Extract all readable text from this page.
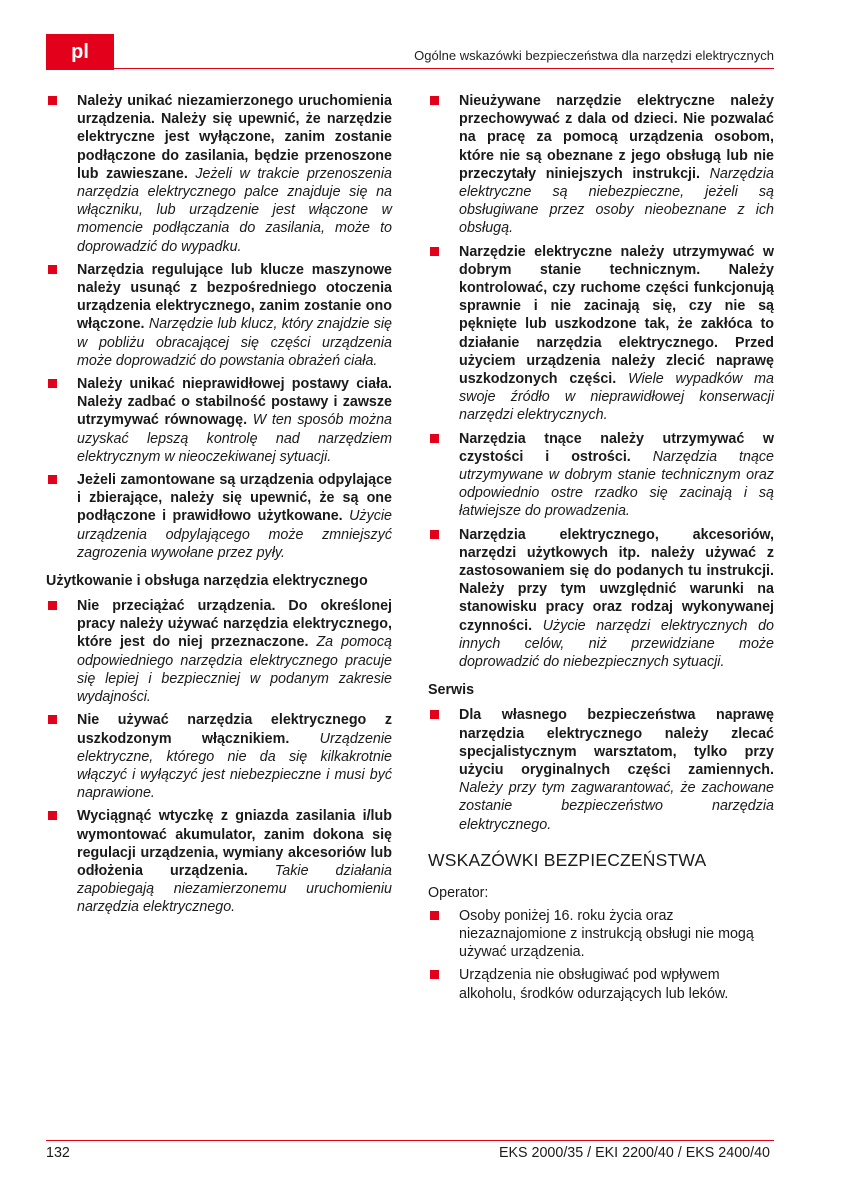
pl	Ogólne wskazówki bezpieczeństwa dla narzędzi elektrycznych

Należy unikać niezamierzonego uruchomienia urządzenia. Należy się upewnić, że narzędzie elektryczne jest wyłączone, zanim zostanie podłączone do zasilania, będzie przenoszone lub zawieszane. Jeżeli w trakcie przenoszenia narzędzia elektrycznego palce znajduje się na włączniku, lub urządzenie jest włączone w momencie podłączania do zasilania, może to doprowadzić do wypadku.

Narzędzia regulujące lub klucze maszynowe należy usunąć z bezpośredniego otoczenia urządzenia elektrycznego, zanim zostanie ono włączone. Narzędzie lub klucz, który znajdzie się w pobliżu obracającej się części urządzenia może doprowadzić do powstania obrażeń ciała.

Należy unikać nieprawidłowej postawy ciała. Należy zadbać o stabilność postawy i zawsze utrzymywać równowagę. W ten sposób można uzyskać lepszą kontrolę nad narzędziem elektrycznym w nieoczekiwanej sytuacji.

Jeżeli zamontowane są urządzenia odpylające i zbierające, należy się upewnić, że są one podłączone i prawidłowo użytkowane. Użycie urządzenia odpylającego może zmniejszyć zagrozenia wywołane przez pyły.

Użytkowanie i obsługa narzędzia elektrycznego

Nie przeciążać urządzenia. Do określonej pracy należy używać narzędzia elektrycznego, które jest do niej przeznaczone. Za pomocą odpowiedniego narzędzia elektrycznego pracuje się lepiej i bezpieczniej w podanym zakresie wydajności.

Nie używać narzędzia elektrycznego z uszkodzonym włącznikiem. Urządzenie elektryczne, którego nie da się kilkakrotnie włączyć i wyłączyć jest niebezpieczne i musi być naprawione.

Wyciągnąć wtyczkę z gniazda zasilania i/lub wymontować akumulator, zanim dokona się regulacji urządzenia, wymiany akcesoriów lub odłożenia urządzenia. Takie działania zapobiegają niezamierzonemu uruchomieniu narzędzia elektrycznego.

Nieużywane narzędzie elektryczne należy przechowywać z dala od dzieci. Nie pozwalać na pracę za pomocą urządzenia osobom, które nie są obeznane z jego obsługą lub nie przeczytały niniejszych instrukcji. Narzędzia elektryczne są niebezpieczne, jeżeli są obsługiwane przez osoby nieobeznane z ich obsługą.

Narzędzie elektryczne należy utrzymywać w dobrym stanie technicznym. Należy kontrolować, czy ruchome części funkcjonują sprawnie i nie zacinają się, czy nie są pęknięte lub uszkodzone tak, że zakłóca to działanie narzędzia elektrycznego. Przed użyciem urządzenia należy zlecić naprawę uszkodzonych części. Wiele wypadków ma swoje źródło w nieprawidłowej konserwacji narzędzi elektrycznych.

Narzędzia tnące należy utrzymywać w czystości i ostrości. Narzędzia tnące utrzymywane w dobrym stanie technicznym oraz odpowiednio ostre rzadko się zacinają i są łatwiejsze do prowadzenia.

Narzędzia elektrycznego, akcesoriów, narzędzi użytkowych itp. należy używać z zastosowaniem się do podanych tu instrukcji. Należy przy tym uwzględnić warunki na stanowisku pracy oraz rodzaj wykonywanej czynności. Użycie narzędzi elektrycznych do innych celów, niż przewidziane może doprowadzić do niebezpiecznych sytuacji.

Serwis

Dla własnego bezpieczeństwa naprawę narzędzia elektrycznego należy zlecać specjalistycznym warsztatom, tylko przy użyciu oryginalnych części zamiennych. Należy przy tym zagwarantować, że zachowane zostanie bezpieczeństwo narzędzia elektrycznego.

WSKAZÓWKI BEZPIECZEŃSTWA
Operator:

Osoby poniżej 16. roku życia oraz niezaznajomione z instrukcją obsługi nie mogą używać urządzenia.

Urządzenia nie obsługiwać pod wpływem alkoholu, środków odurzających lub leków.

132	EKS 2000/35 / EKI 2200/40 / EKS 2400/40
